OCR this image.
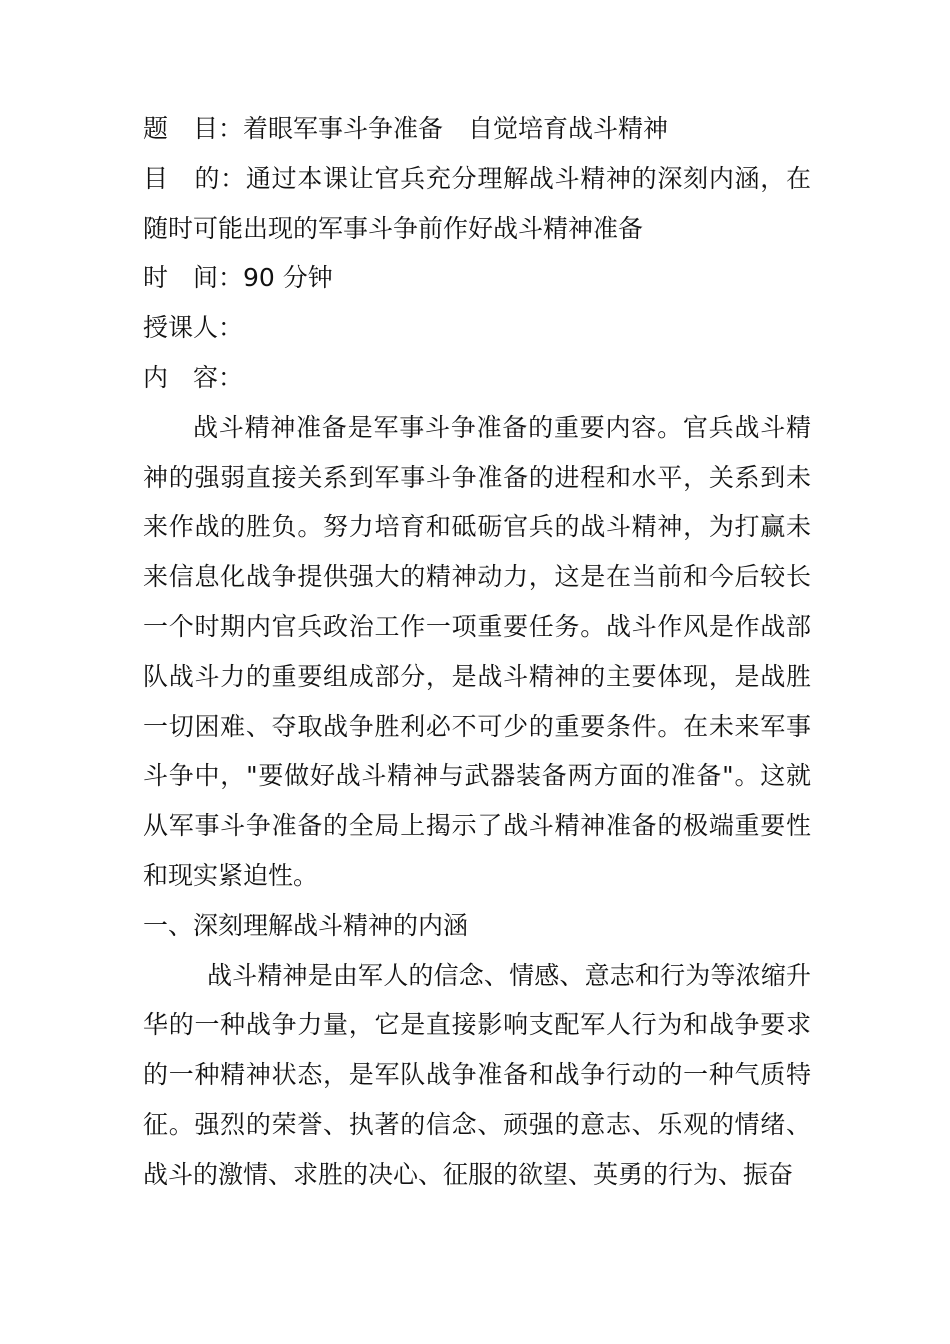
题　目：着眼军事斗争准备　自觉培育战斗精神
目　的：通过本课让官兵充分理解战斗精神的深刻内涵，在随时可能出现的军事斗争前作好战斗精神准备
时　间：90 分钟
授课人：
内　容：
战斗精神准备是军事斗争准备的重要内容。官兵战斗精神的强弱直接关系到军事斗争准备的进程和水平，关系到未来作战的胜负。努力培育和砥砺官兵的战斗精神，为打赢未来信息化战争提供强大的精神动力，这是在当前和今后较长一个时期内官兵政治工作一项重要任务。战斗作风是作战部队战斗力的重要组成部分，是战斗精神的主要体现，是战胜一切困难、夺取战争胜利必不可少的重要条件。在未来军事斗争中，"要做好战斗精神与武器装备两方面的准备"。这就从军事斗争准备的全局上揭示了战斗精神准备的极端重要性和现实紧迫性。
一、深刻理解战斗精神的内涵
战斗精神是由军人的信念、情感、意志和行为等浓缩升华的一种战争力量，它是直接影响支配军人行为和战争要求的一种精神状态，是军队战争准备和战争行动的一种气质特征。强烈的荣誉、执著的信念、顽强的意志、乐观的情绪、战斗的激情、求胜的决心、征服的欲望、英勇的行为、振奋
